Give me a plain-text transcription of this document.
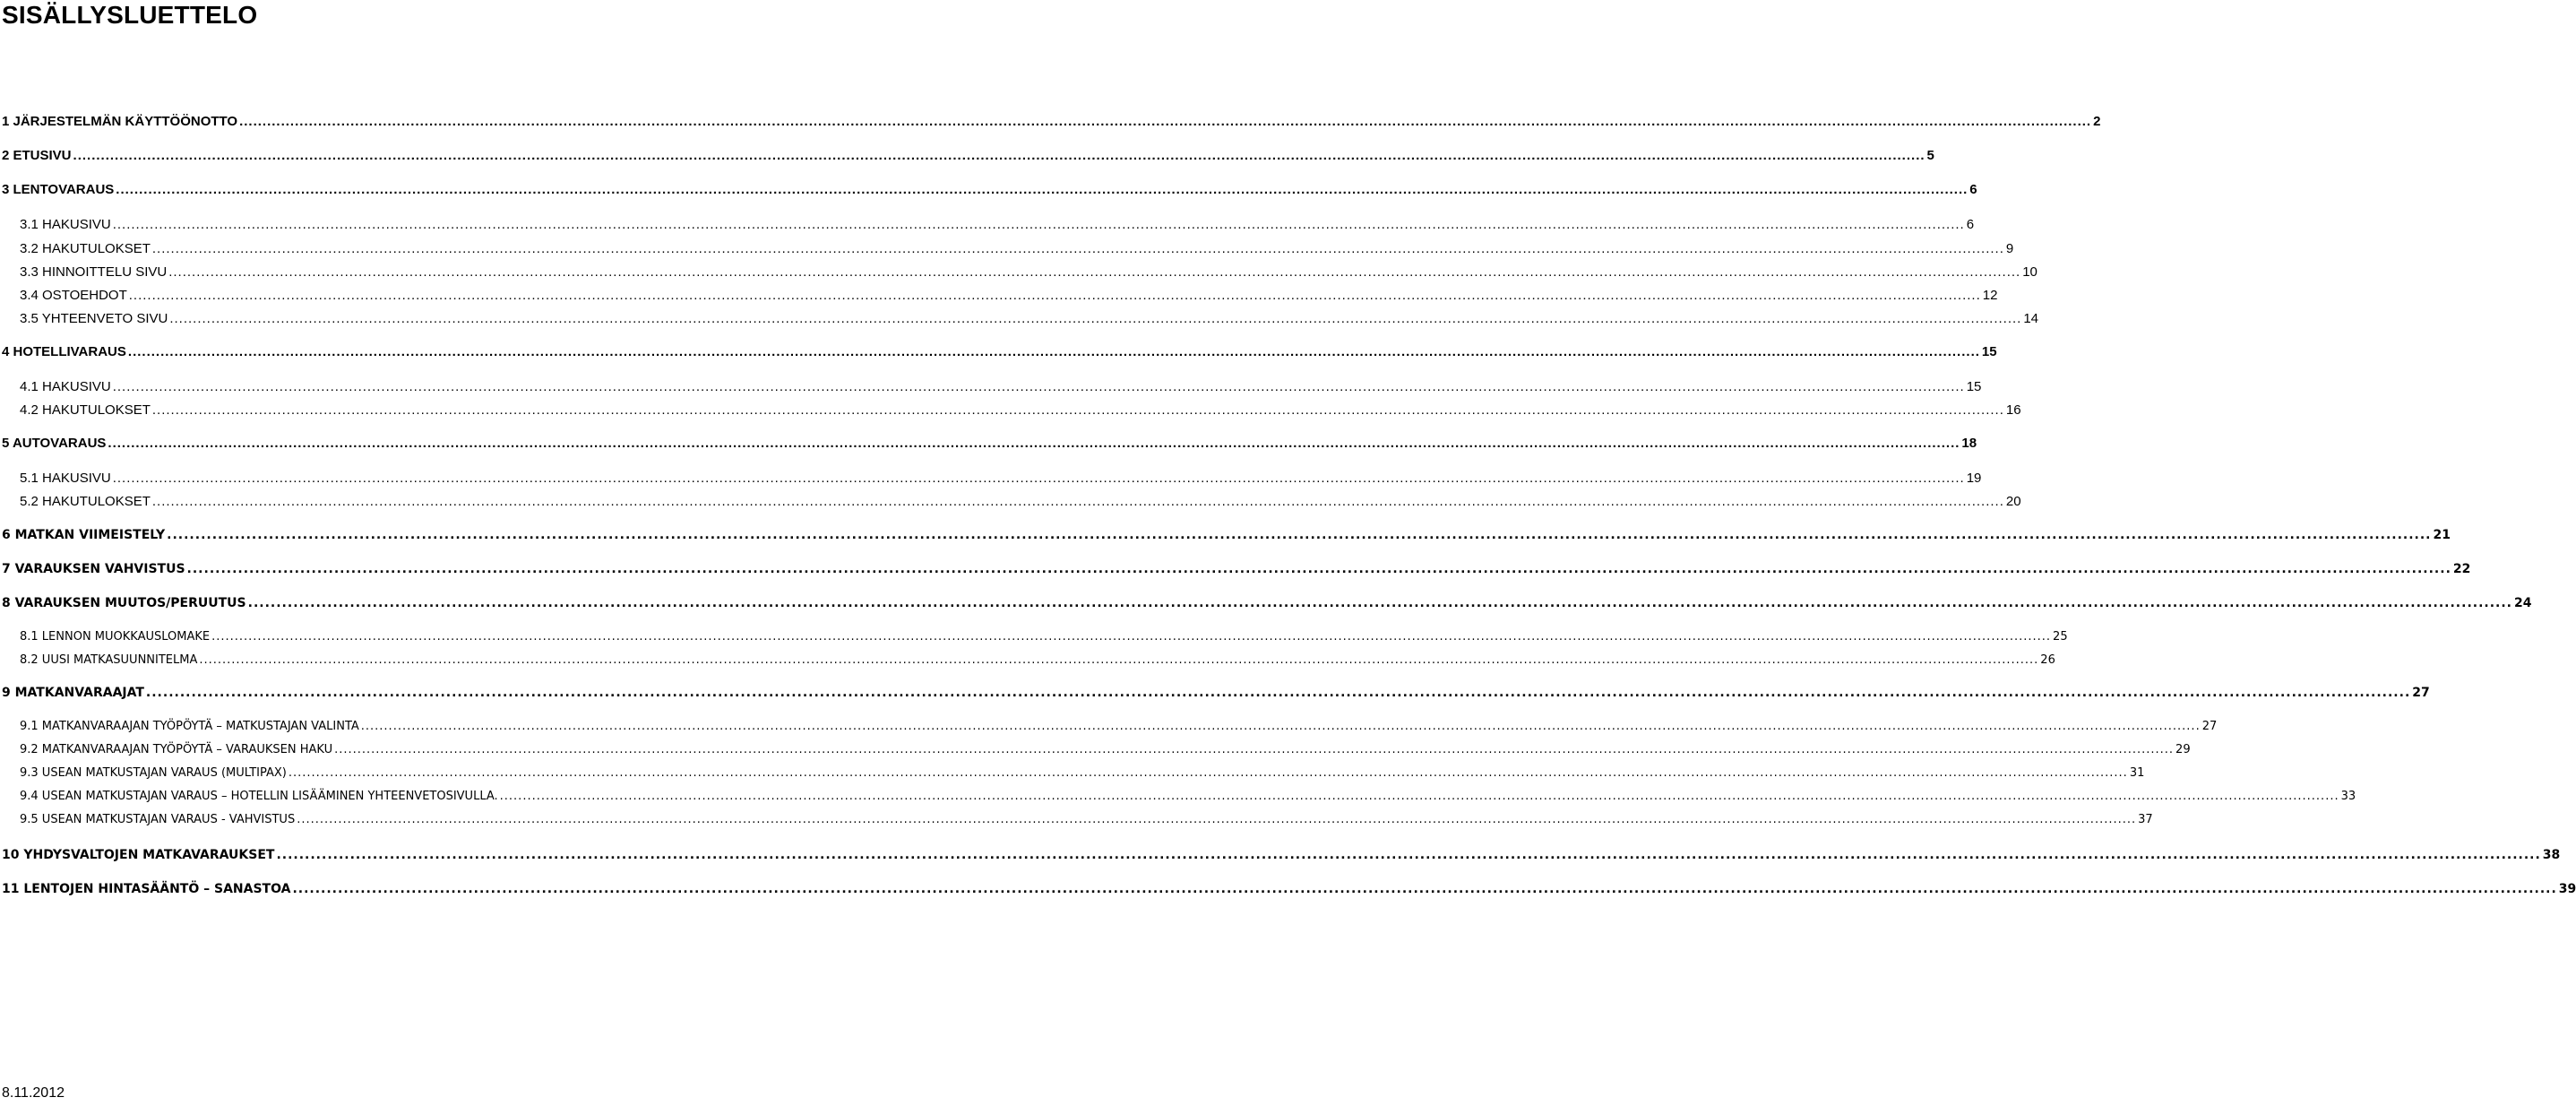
SISÄLLYSLUETTELO
1 JÄRJESTELMÄN KÄYTTÖÖNOTTO ................................................................................................................................................................................................................................................................................................................................................................................................................ 2
2 ETUSIVU ................................................................................................................................................................................................................................................................................................................................................................................................................ 5
3 LENTOVARAUS ................................................................................................................................................................................................................................................................................................................................................................................................................ 6
3.1 HAKUSIVU ................................................................................................................................................................................................................................................................................................................................................................................................................ 6
3.2 HAKUTULOKSET ................................................................................................................................................................................................................................................................................................................................................................................................................ 9
3.3 HINNOITTELU SIVU ................................................................................................................................................................................................................................................................................................................................................................................................................ 10
3.4 OSTOEHDOT ................................................................................................................................................................................................................................................................................................................................................................................................................ 12
3.5 YHTEENVETO SIVU ................................................................................................................................................................................................................................................................................................................................................................................................................ 14
4 HOTELLIVARAUS ................................................................................................................................................................................................................................................................................................................................................................................................................ 15
4.1 HAKUSIVU ................................................................................................................................................................................................................................................................................................................................................................................................................ 15
4.2 HAKUTULOKSET ................................................................................................................................................................................................................................................................................................................................................................................................................ 16
5 AUTOVARAUS ................................................................................................................................................................................................................................................................................................................................................................................................................ 18
5.1 HAKUSIVU ................................................................................................................................................................................................................................................................................................................................................................................................................ 19
5.2 HAKUTULOKSET ................................................................................................................................................................................................................................................................................................................................................................................................................ 20
6 MATKAN VIIMEISTELY ................................................................................................................................................................................................................................................................................................................................................................................................................ 21
7 VARAUKSEN VAHVISTUS ................................................................................................................................................................................................................................................................................................................................................................................................................ 22
8 VARAUKSEN MUUTOS/PERUUTUS ................................................................................................................................................................................................................................................................................................................................................................................................................ 24
8.1 LENNON MUOKKAUSLOMAKE ................................................................................................................................................................................................................................................................................................................................................................................................................ 25
8.2 UUSI MATKASUUNNITELMA ................................................................................................................................................................................................................................................................................................................................................................................................................ 26
9 MATKANVARAAJAT ................................................................................................................................................................................................................................................................................................................................................................................................................ 27
9.1 MATKANVARAAJAN TYÖPÖYTÄ – MATKUSTAJAN VALINTA ................................................................................................................................................................................................................................................................................................................................................................................................................ 27
9.2 MATKANVARAAJAN TYÖPÖYTÄ – VARAUKSEN HAKU ................................................................................................................................................................................................................................................................................................................................................................................................................ 29
9.3 USEAN MATKUSTAJAN VARAUS (MULTIPAX) ................................................................................................................................................................................................................................................................................................................................................................................................................ 31
9.4 USEAN MATKUSTAJAN VARAUS – HOTELLIN LISÄÄMINEN YHTEENVETOSIVULLA. ................................................................................................................................................................................................................................................................................................................................................................................................................ 33
9.5 USEAN MATKUSTAJAN VARAUS - VAHVISTUS ................................................................................................................................................................................................................................................................................................................................................................................................................ 37
10 YHDYSVALTOJEN MATKAVARAUKSET ................................................................................................................................................................................................................................................................................................................................................................................................................ 38
11 LENTOJEN HINTASÄÄNTÖ – SANASTOA ................................................................................................................................................................................................................................................................................................................................................................................................................ 39
8.11.2012
